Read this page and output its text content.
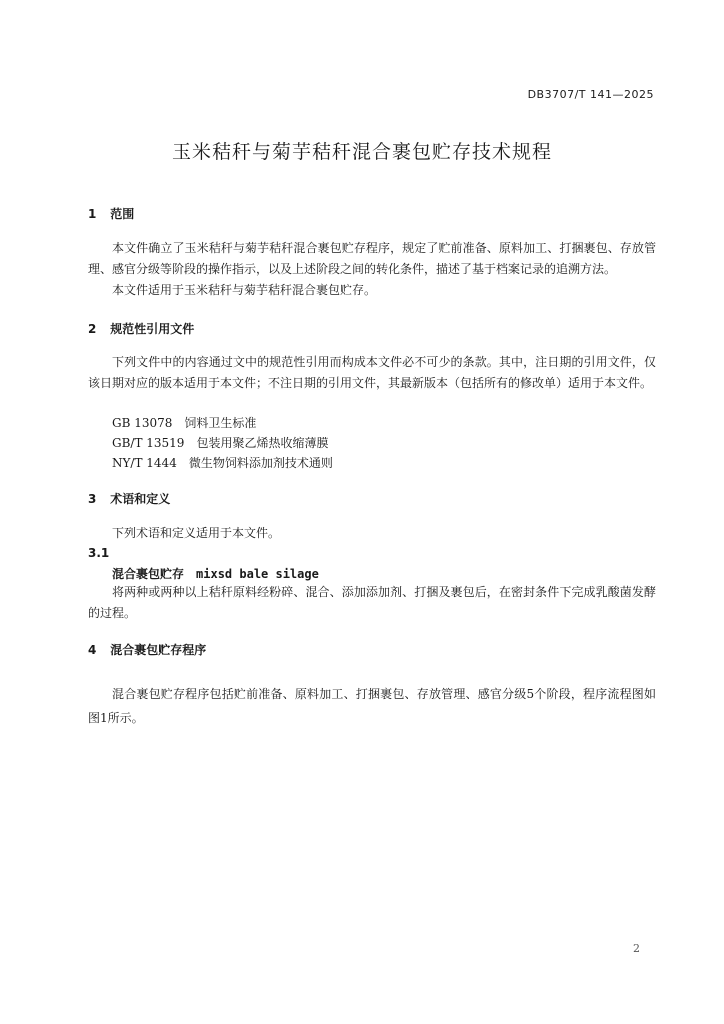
DB3707/T 141—2025
玉米秸秆与菊芋秸秆混合裹包贮存技术规程
1 范围
本文件确立了玉米秸秆与菊芋秸秆混合裹包贮存程序，规定了贮前准备、原料加工、打捆裹包、存放管理、感官分级等阶段的操作指示，以及上述阶段之间的转化条件，描述了基于档案记录的追溯方法。
本文件适用于玉米秸秆与菊芋秸秆混合裹包贮存。
2 规范性引用文件
下列文件中的内容通过文中的规范性引用而构成本文件必不可少的条款。其中，注日期的引用文件，仅该日期对应的版本适用于本文件；不注日期的引用文件，其最新版本（包括所有的修改单）适用于本文件。
GB 13078　饲料卫生标准
GB/T 13519　包装用聚乙烯热收缩薄膜
NY/T 1444　微生物饲料添加剂技术通则
3 术语和定义
下列术语和定义适用于本文件。
3.1
混合裹包贮存 mixsd bale silage
将两种或两种以上秸秆原料经粉碎、混合、添加添加剂、打捆及裹包后，在密封条件下完成乳酸菌发酵的过程。
4 混合裹包贮存程序
混合裹包贮存程序包括贮前准备、原料加工、打捆裹包、存放管理、感官分级5个阶段，程序流程图如图1所示。
2
